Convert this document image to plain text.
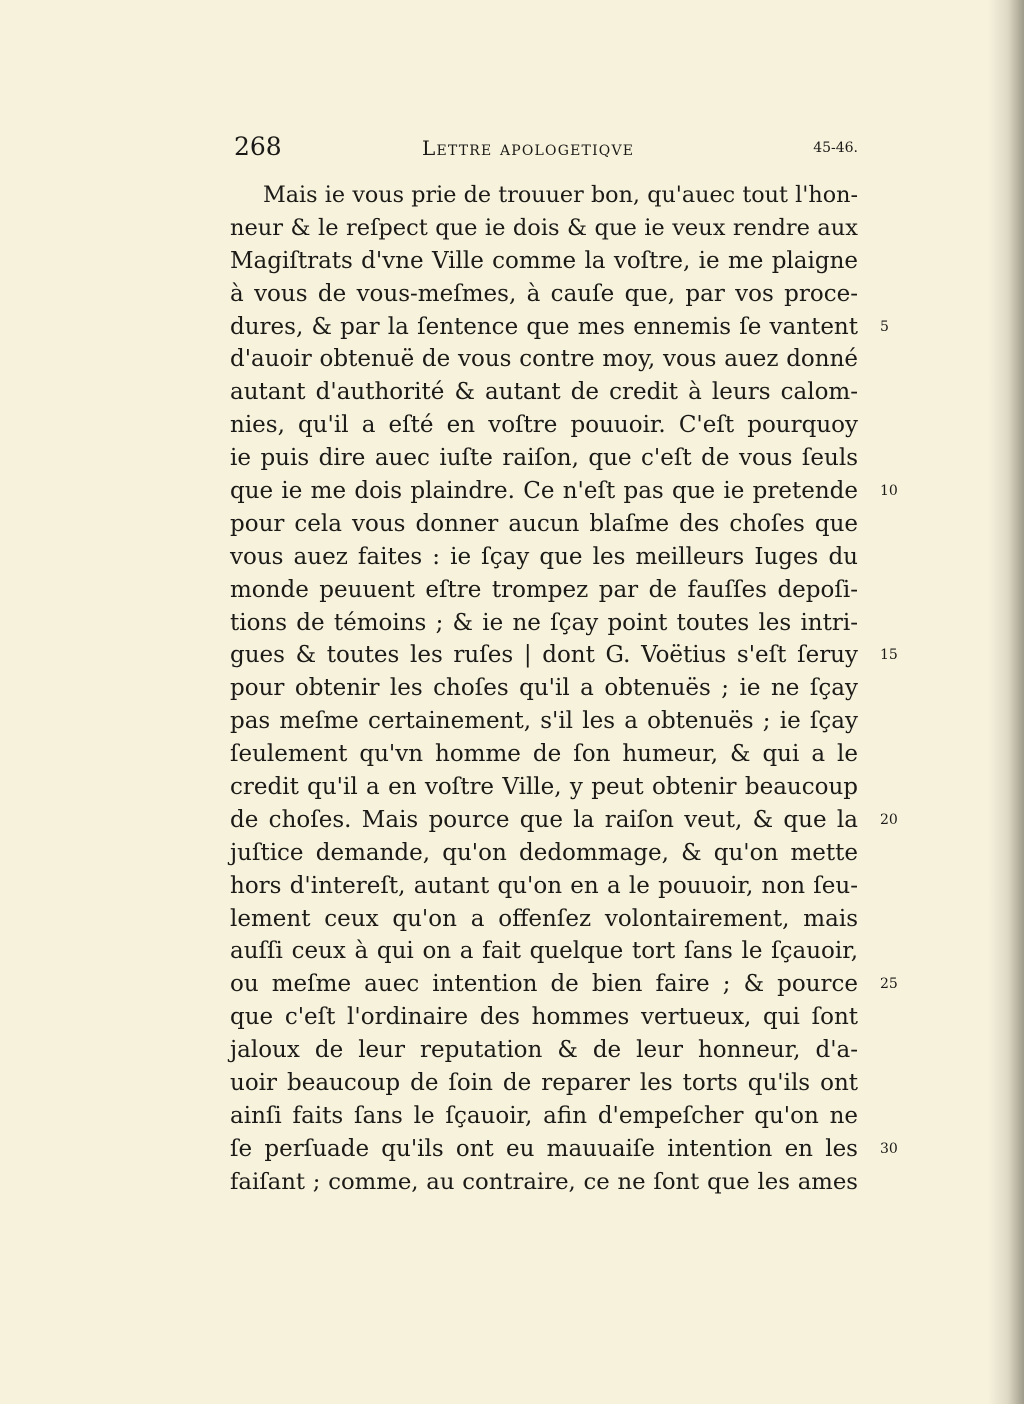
268	Lettre apologetiqve	45-46.
Mais ie vous prie de trouuer bon, qu'auec tout l'hon-
neur & le reſpect que ie dois & que ie veux rendre aux
Magiſtrats d'vne Ville comme la voſtre, ie me plaigne
à vous de vous-meſmes, à cauſe que, par vos proce-
dures, & par la ſentence que mes ennemis ſe vantent 5
d'auoir obtenuë de vous contre moy, vous auez donné
autant d'authorité & autant de credit à leurs calom-
nies, qu'il a eſté en voſtre pouuoir. C'eſt pourquoy
ie puis dire auec iuſte raiſon, que c'eſt de vous ſeuls
que ie me dois plaindre. Ce n'eſt pas que ie pretende 10
pour cela vous donner aucun blaſme des choſes que
vous auez faites : ie ſçay que les meilleurs Iuges du
monde peuuent eſtre trompez par de fauſſes depoſi-
tions de témoins ; & ie ne ſçay point toutes les intri-
gues & toutes les ruſes | dont G. Voëtius s'eſt ſeruy 15
pour obtenir les choſes qu'il a obtenuës ; ie ne ſçay
pas meſme certainement, s'il les a obtenuës ; ie ſçay
ſeulement qu'vn homme de ſon humeur, & qui a le
credit qu'il a en voſtre Ville, y peut obtenir beaucoup
de choſes. Mais pource que la raiſon veut, & que la 20
juſtice demande, qu'on dedommage, & qu'on mette
hors d'intereſt, autant qu'on en a le pouuoir, non ſeu-
lement ceux qu'on a offenſez volontairement, mais
auſſi ceux à qui on a fait quelque tort ſans le ſçauoir,
ou meſme auec intention de bien faire ; & pource 25
que c'eſt l'ordinaire des hommes vertueux, qui ſont
jaloux de leur reputation & de leur honneur, d'a-
uoir beaucoup de ſoin de reparer les torts qu'ils ont
ainſi faits ſans le ſçauoir, afin d'empeſcher qu'on ne
ſe perſuade qu'ils ont eu mauuaiſe intention en les 30
faiſant ; comme, au contraire, ce ne ſont que les ames
